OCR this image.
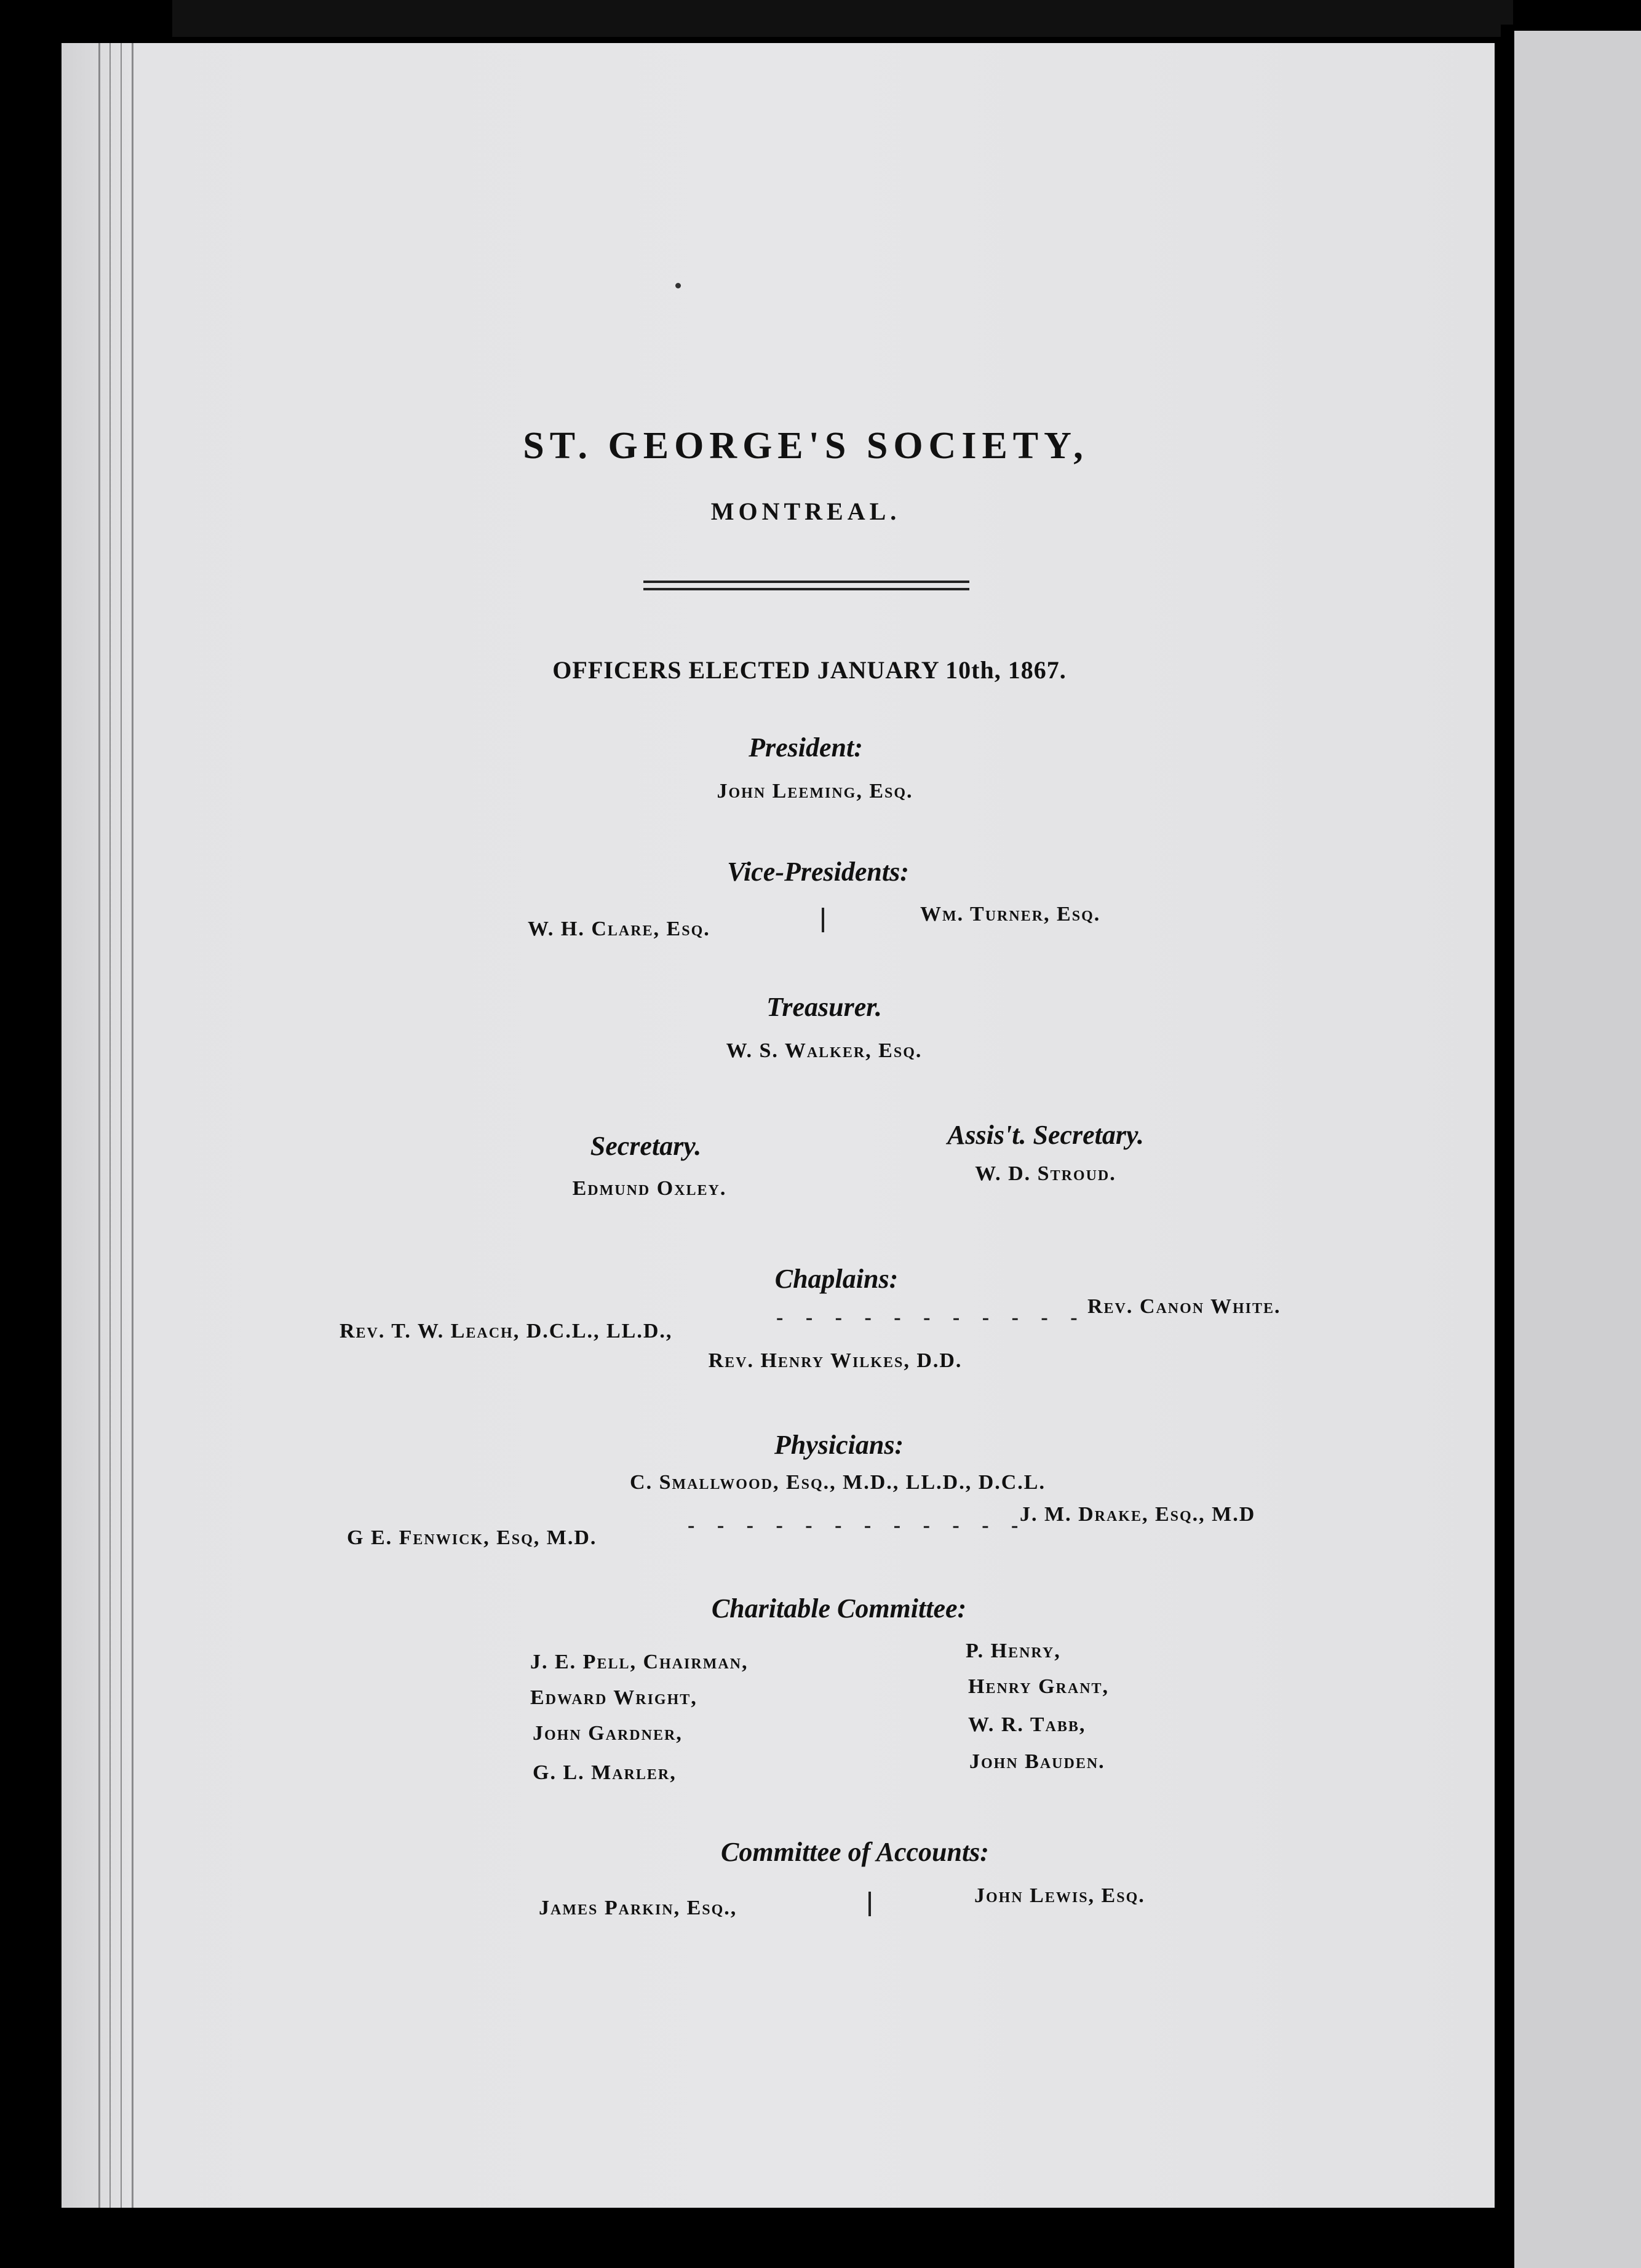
ST. GEORGE'S SOCIETY,
MONTREAL.
OFFICERS ELECTED JANUARY 10th, 1867.
President:
John Leeming, Esq.
Vice-Presidents:
W. H. Clare, Esq.
Wm. Turner, Esq.
Treasurer.
W. S. Walker, Esq.
Secretary.
Edmund Oxley.
Assis't. Secretary.
W. D. Stroud.
Chaplains:
Rev. T. W. Leach, D.C.L., LL.D.,
- - - - - - - - - - - Rev. Canon White.
Rev. Henry Wilkes, D.D.
Physicians:
C. Smallwood, Esq., M.D., LL.D., D.C.L.
G E. Fenwick, Esq, M.D.
- - - - - - - - - - - -
J. M. Drake, Esq., M.D
Charitable Committee:
J. E. Pell, Chairman,
Edward Wright,
John Gardner,
G. L. Marler,
P. Henry,
Henry Grant,
W. R. Tabb,
John Bauden.
Committee of Accounts:
James Parkin, Esq.,
John Lewis, Esq.
